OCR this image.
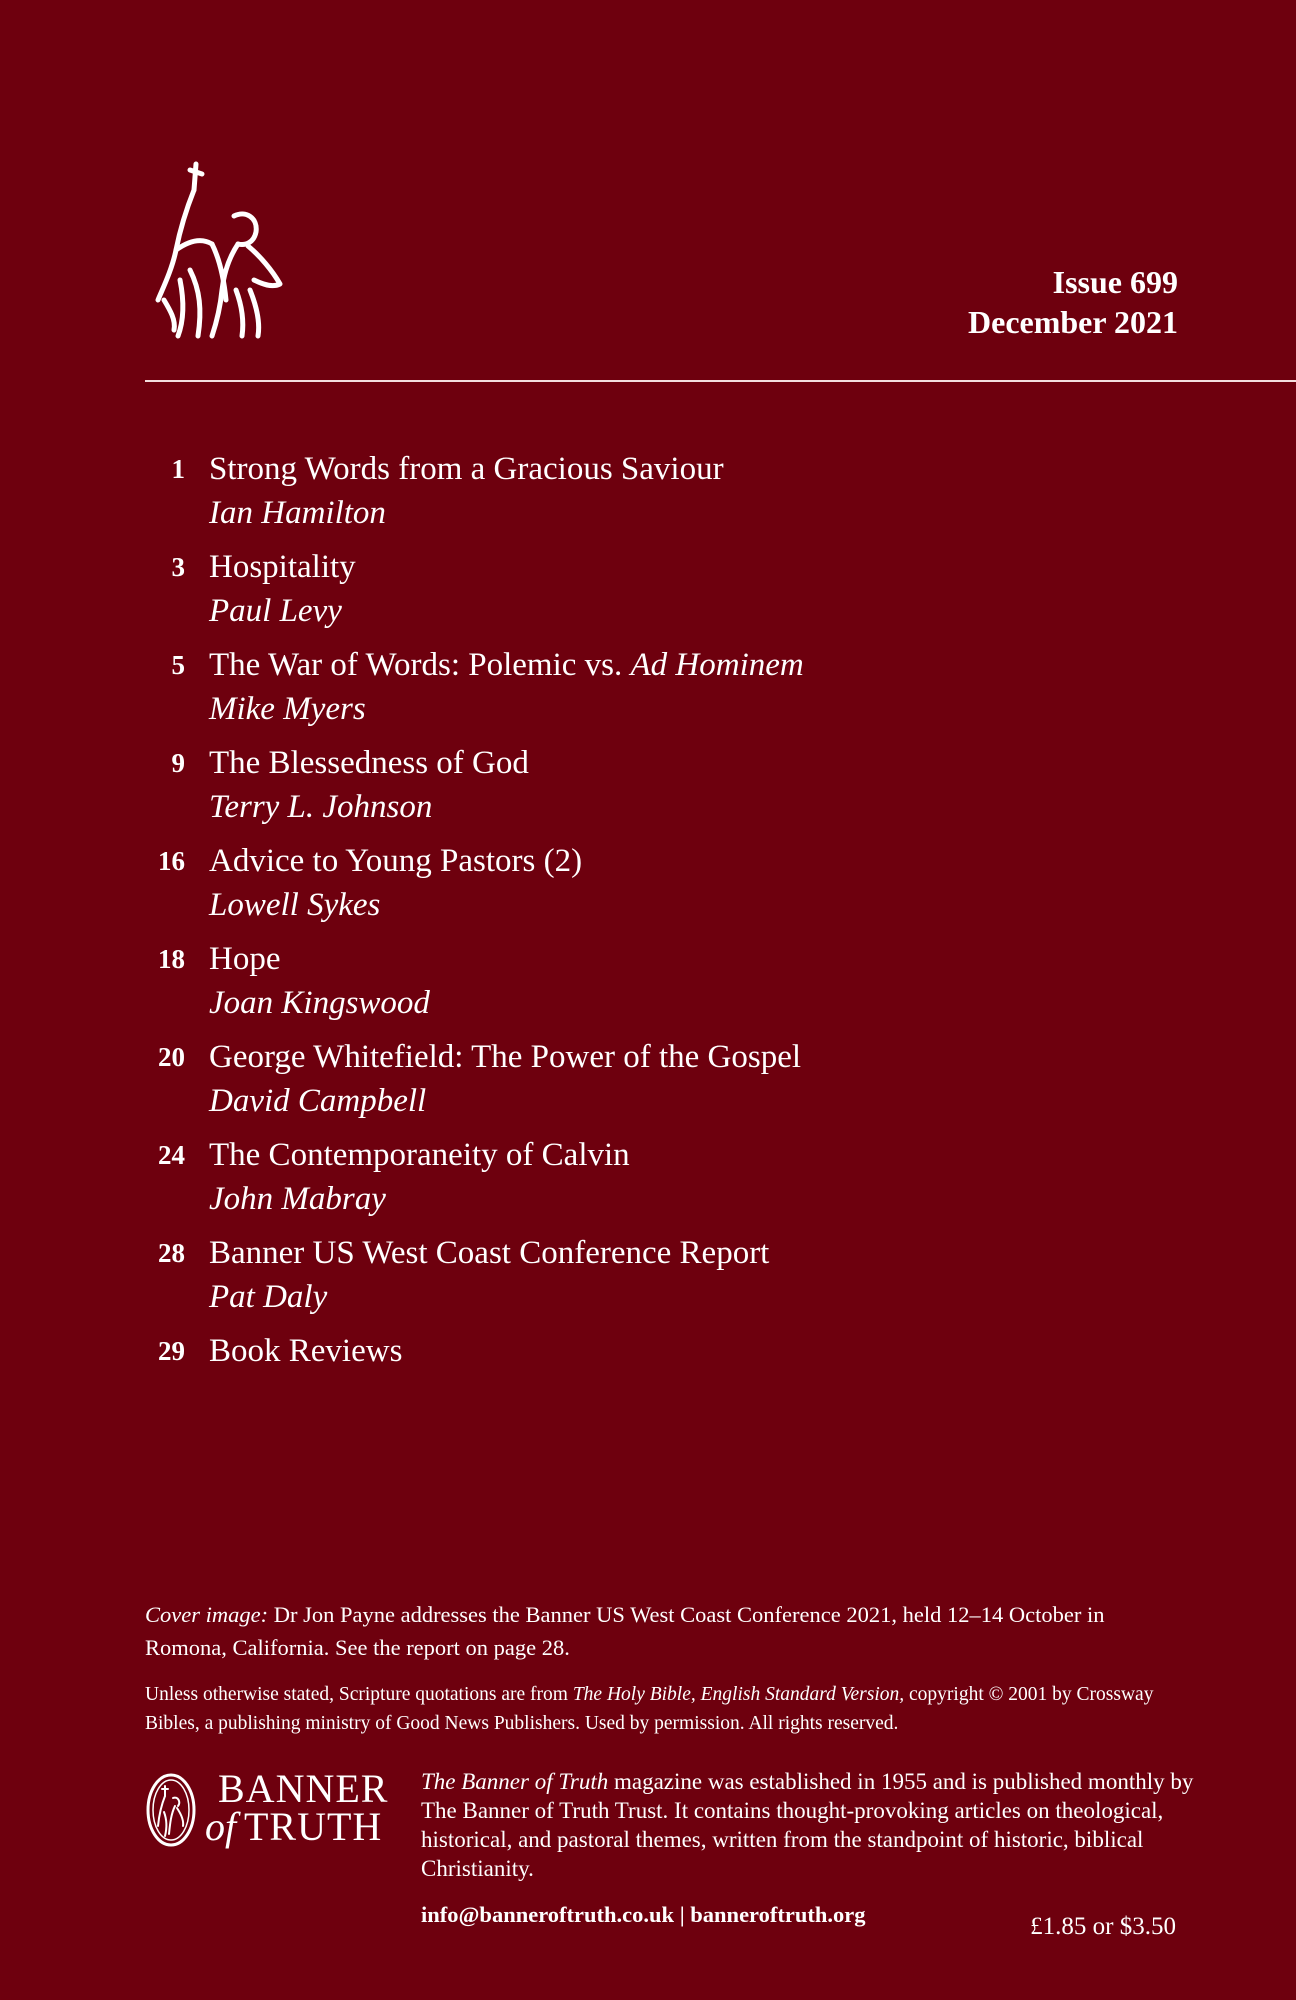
Issue 699
December 2021
1 Strong Words from a Gracious Saviour
Ian Hamilton
3 Hospitality
Paul Levy
5 The War of Words: Polemic vs. Ad Hominem
Mike Myers
9 The Blessedness of God
Terry L. Johnson
16 Advice to Young Pastors (2)
Lowell Sykes
18 Hope
Joan Kingswood
20 George Whitefield: The Power of the Gospel
David Campbell
24 The Contemporaneity of Calvin
John Mabray
28 Banner US West Coast Conference Report
Pat Daly
29 Book Reviews
Cover image: Dr Jon Payne addresses the Banner US West Coast Conference 2021, held 12–14 October in Romona, California. See the report on page 28.
Unless otherwise stated, Scripture quotations are from The Holy Bible, English Standard Version, copyright © 2001 by Crossway Bibles, a publishing ministry of Good News Publishers. Used by permission. All rights reserved.
BANNER
of TRUTH
The Banner of Truth magazine was established in 1955 and is published monthly by The Banner of Truth Trust. It contains thought-provoking articles on theological, historical, and pastoral themes, written from the standpoint of historic, biblical Christianity.
info@banneroftruth.co.uk | banneroftruth.org	£1.85 or $3.50
